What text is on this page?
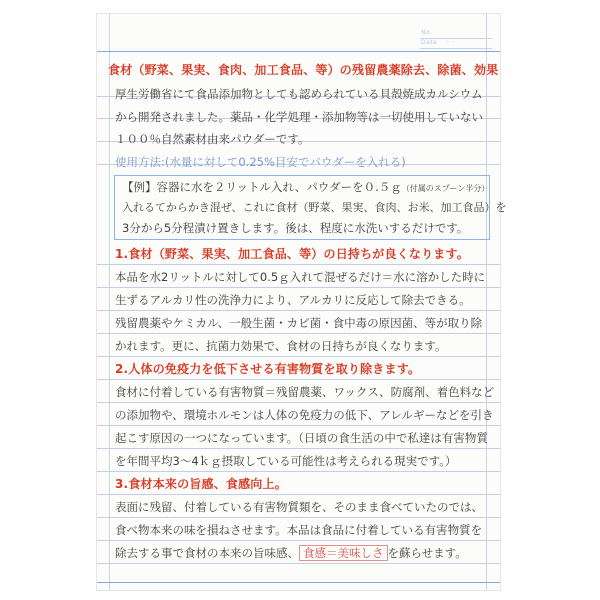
No.
Date · ·
食材（野菜、果実、食肉、加工食品、等）の残留農薬除去、除菌、効果
厚生労働省にて食品添加物としても認められている貝殻焼成カルシウム
から開発されました。薬品・化学処理・添加物等は一切使用していない
１００％自然素材由来パウダーです。
使用方法:(水量に対して0.25%目安でパウダーを入れる)
【例】容器に水を２リットル入れ、パウダーを０.５ｇ（付属のスプーン半分）
入れるてからかき混ぜ、これに食材（野菜、果実、食肉、お米、加工食品）を
3分から5分程漬け置きします。後は、程度に水洗いするだけです。
1.食材（野菜、果実、加工食品、等）の日持ちが良くなります。
本品を水2リットルに対して0.5ｇ入れて混ぜるだけ＝水に溶かした時に
生ずるアルカリ性の洗浄力により、アルカリに反応して除去できる。
残留農薬やケミカル、一般生菌・カビ菌・食中毒の原因菌、等が取り除
かれます。更に、抗菌力効果で、食材の日持ちが良くなります。
2.人体の免疫力を低下させる有害物質を取り除きます。
食材に付着している有害物質＝残留農薬、ワックス、防腐剤、着色料など
の添加物や、環境ホルモンは人体の免疫力の低下、アレルギーなどを引き
起こす原因の一つになっています。（日頃の食生活の中で私達は有害物質
を年間平均3～4ｋｇ摂取している可能性は考えられる現実です。）
3.食材本来の旨感、食感向上。
表面に残留、付着している有害物質類を、そのまま食べていたのでは、
食べ物本来の味を損ねさせます。本品は食品に付着している有害物質を
除去する事で食材の本来の旨味感、 食感＝美味しさ を蘇らせます。
